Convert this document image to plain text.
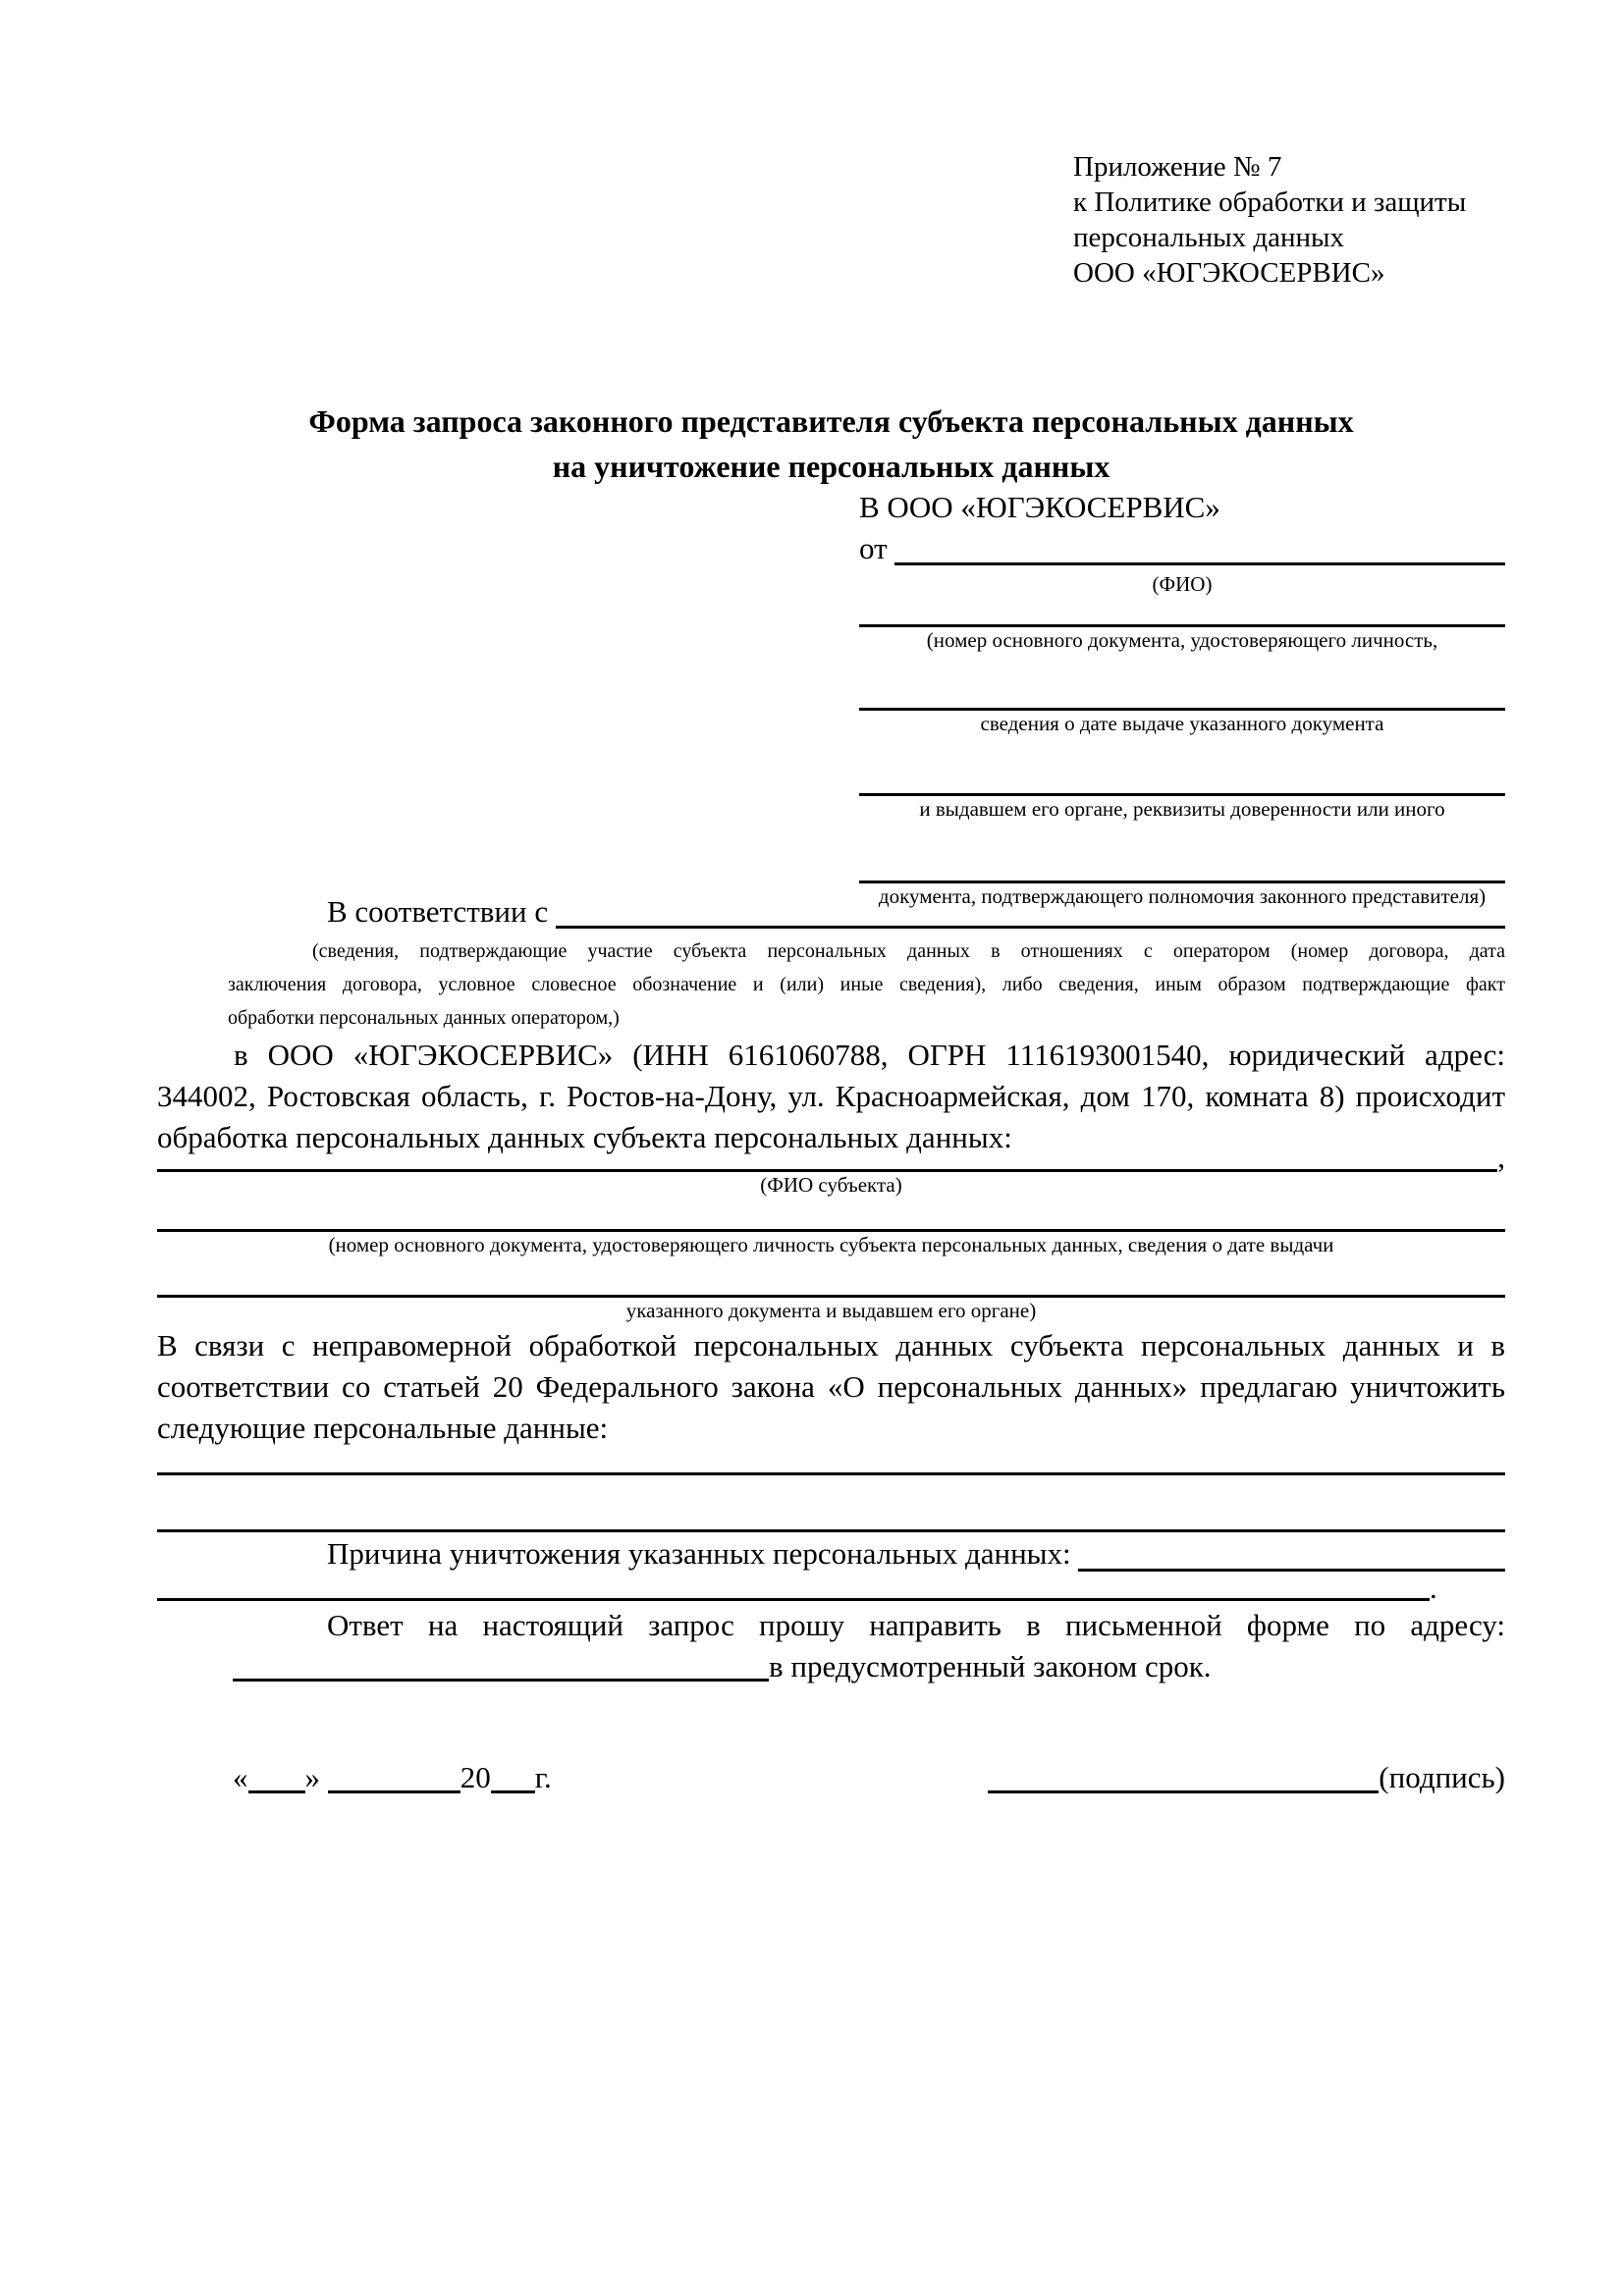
Приложение № 7
к Политике обработки и защиты
персональных данных
ООО «ЮГЭКОСЕРВИС»
Форма запроса законного представителя субъекта персональных данных
на уничтожение персональных данных
В ООО «ЮГЭКОСЕРВИС»
от
(ФИО)
(номер основного документа, удостоверяющего личность,
сведения о дате выдаче указанного документа
и выдавшем его органе, реквизиты доверенности или иного
документа, подтверждающего полномочия законного представителя)
В соответствии с
(сведения, подтверждающие участие субъекта персональных данных в отношениях с оператором (номер договора, дата
заключения договора, условное словесное обозначение и (или) иные сведения), либо сведения, иным образом подтверждающие факт
обработки персональных данных оператором,)
в ООО «ЮГЭКОСЕРВИС» (ИНН 6161060788, ОГРН 1116193001540, юридический адрес: 344002, Ростовская область, г. Ростов-на-Дону, ул. Красноармейская, дом 170, комната 8) происходит обработка персональных данных субъекта персональных данных:
,
(ФИО субъекта)
(номер основного документа, удостоверяющего личность субъекта персональных данных, сведения о дате выдачи
указанного документа и выдавшем его органе)
В связи с неправомерной обработкой персональных данных субъекта персональных данных и в соответствии со статьей 20 Федерального закона «О персональных данных» предлагаю уничтожить следующие персональные данные:
Причина уничтожения указанных персональных данных:
.
Ответ на настоящий запрос прошу направить в письменной форме по адресу:
в предусмотренный законом срок.
« »	20 г.	(подпись)
